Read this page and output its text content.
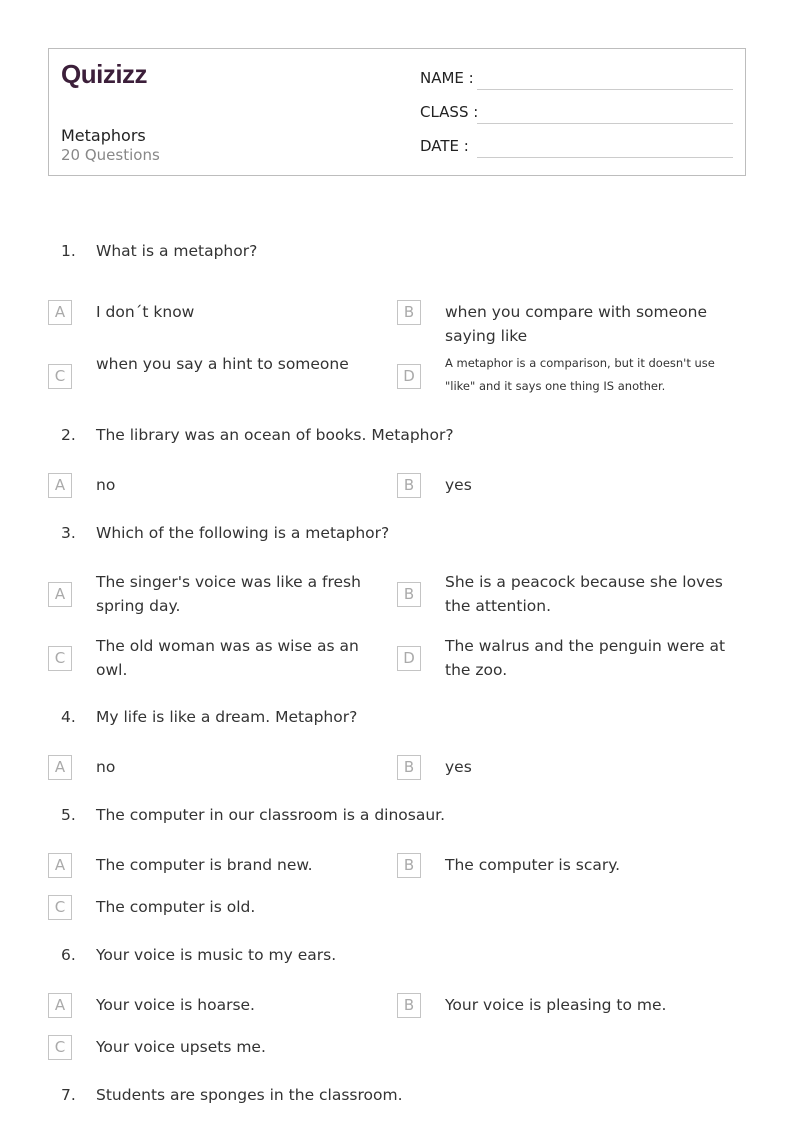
Quizizz
Metaphors
20 Questions
NAME :
CLASS :
DATE :
1. What is a metaphor?
A	I don´t know	B	when you compare with someone saying like
C
when you say a hint to someone
D
A metaphor is a comparison, but it doesn't use "like" and it says one thing IS another.
2. The library was an ocean of books. Metaphor?
A	no	B	yes
3. Which of the following is a metaphor?
A
The singer's voice was like a fresh spring day.
B
She is a peacock because she loves the attention.
C
The old woman was as wise as an owl.
D
The walrus and the penguin were at the zoo.
4. My life is like a dream. Metaphor?
A	no	B	yes
5. The computer in our classroom is a dinosaur.
A	The computer is brand new.	B	The computer is scary.
C	The computer is old.
6. Your voice is music to my ears.
A	Your voice is hoarse.	B	Your voice is pleasing to me.
C	Your voice upsets me.
7. Students are sponges in the classroom.
